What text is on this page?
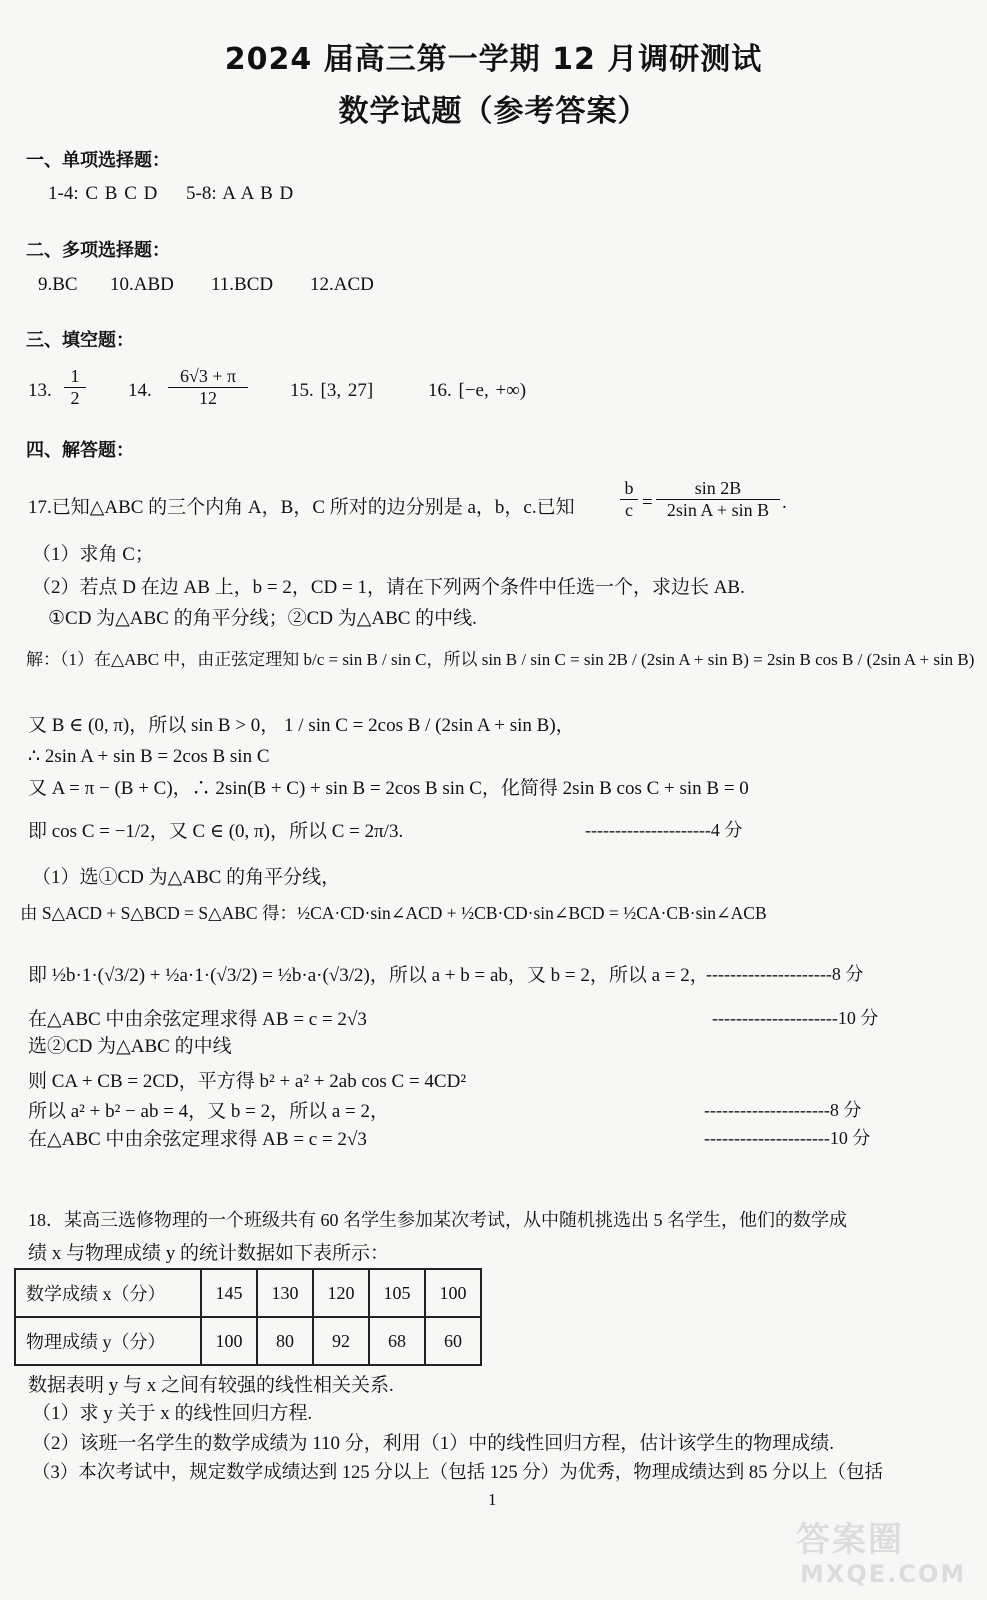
2024 届高三第一学期 12 月调研测试
数学试题（参考答案）
一、单项选择题：
1-4: C B C D 5-8: A A B D
二、多项选择题：
9.BC 10.ABD 11.BCD 12.ACD
三、填空题：
13. $\frac{1}{2} 14$. $\frac{6√3 + \pi}{12} 15$. [3, 27]	16. [−e, +∞)
四、解答题：
17.已知△ABC 的三个内角 A，B，C 所对的边分别是 a，b，c.已知	$\frac{b}{c} = \frac{\sin 2B}{\text{2sin A + sin B}}$ .
（1）求角 C；
（2）若点 D 在边 AB 上，b = 2，CD = 1，请在下列两个条件中任选一个，求边长 AB.
①CD 为△ABC 的角平分线；②CD 为△ABC 的中线.
解：（1）在△ABC 中，由正弦定理知 b/c = sin B / sin C，所以 sin B / sin C = sin 2B / (2sin A + sin B) = 2sin B cos B / (2sin A + sin B)
又 B ∈ (0, π)，所以 sin B > 0， 1 / sin C = 2cos B / (2sin A + sin B)，
∴ 2sin A + sin B = 2cos B sin C
又 A = π − (B + C)，∴ 2sin(B + C) + sin B = 2cos B sin C，化简得 2sin B cos C + sin B = 0
即 cos C = −1/2，又 C ∈ (0, π)，所以 C = 2π/3.	---------------------4 分
（1）选①CD 为△ABC 的角平分线，
由 S△ACD + S△BCD = S△ABC 得：½CA·CD·sin∠ACD + ½CB·CD·sin∠BCD = ½CA·CB·sin∠ACB
即 ½b·1·(√3/2) + ½a·1·(√3/2) = ½b·a·(√3/2)，所以 a + b = ab，又 b = 2，所以 a = 2，
---------------------8 分
在△ABC 中由余弦定理求得 AB = c = 2√3	---------------------10 分
选②CD 为△ABC 的中线
则 CA + CB = 2CD，平方得 b² + a² + 2ab cos C = 4CD²
所以 a² + b² − ab = 4，又 b = 2，所以 a = 2，	---------------------8 分
在△ABC 中由余弦定理求得 AB = c = 2√3	---------------------10 分
18．某高三选修物理的一个班级共有 60 名学生参加某次考试，从中随机挑选出 5 名学生，他们的数学成
绩 x 与物理成绩 y 的统计数据如下表所示：
数学成绩 x（分）	145	130	120	105	100
物理成绩 y（分）	100	80	92	68	60
数据表明 y 与 x 之间有较强的线性相关关系.
（1）求 y 关于 x 的线性回归方程.
（2）该班一名学生的数学成绩为 110 分，利用（1）中的线性回归方程，估计该学生的物理成绩.
（3）本次考试中，规定数学成绩达到 125 分以上（包括 125 分）为优秀，物理成绩达到 85 分以上（包括
1
答案圈
MXQE.COM
